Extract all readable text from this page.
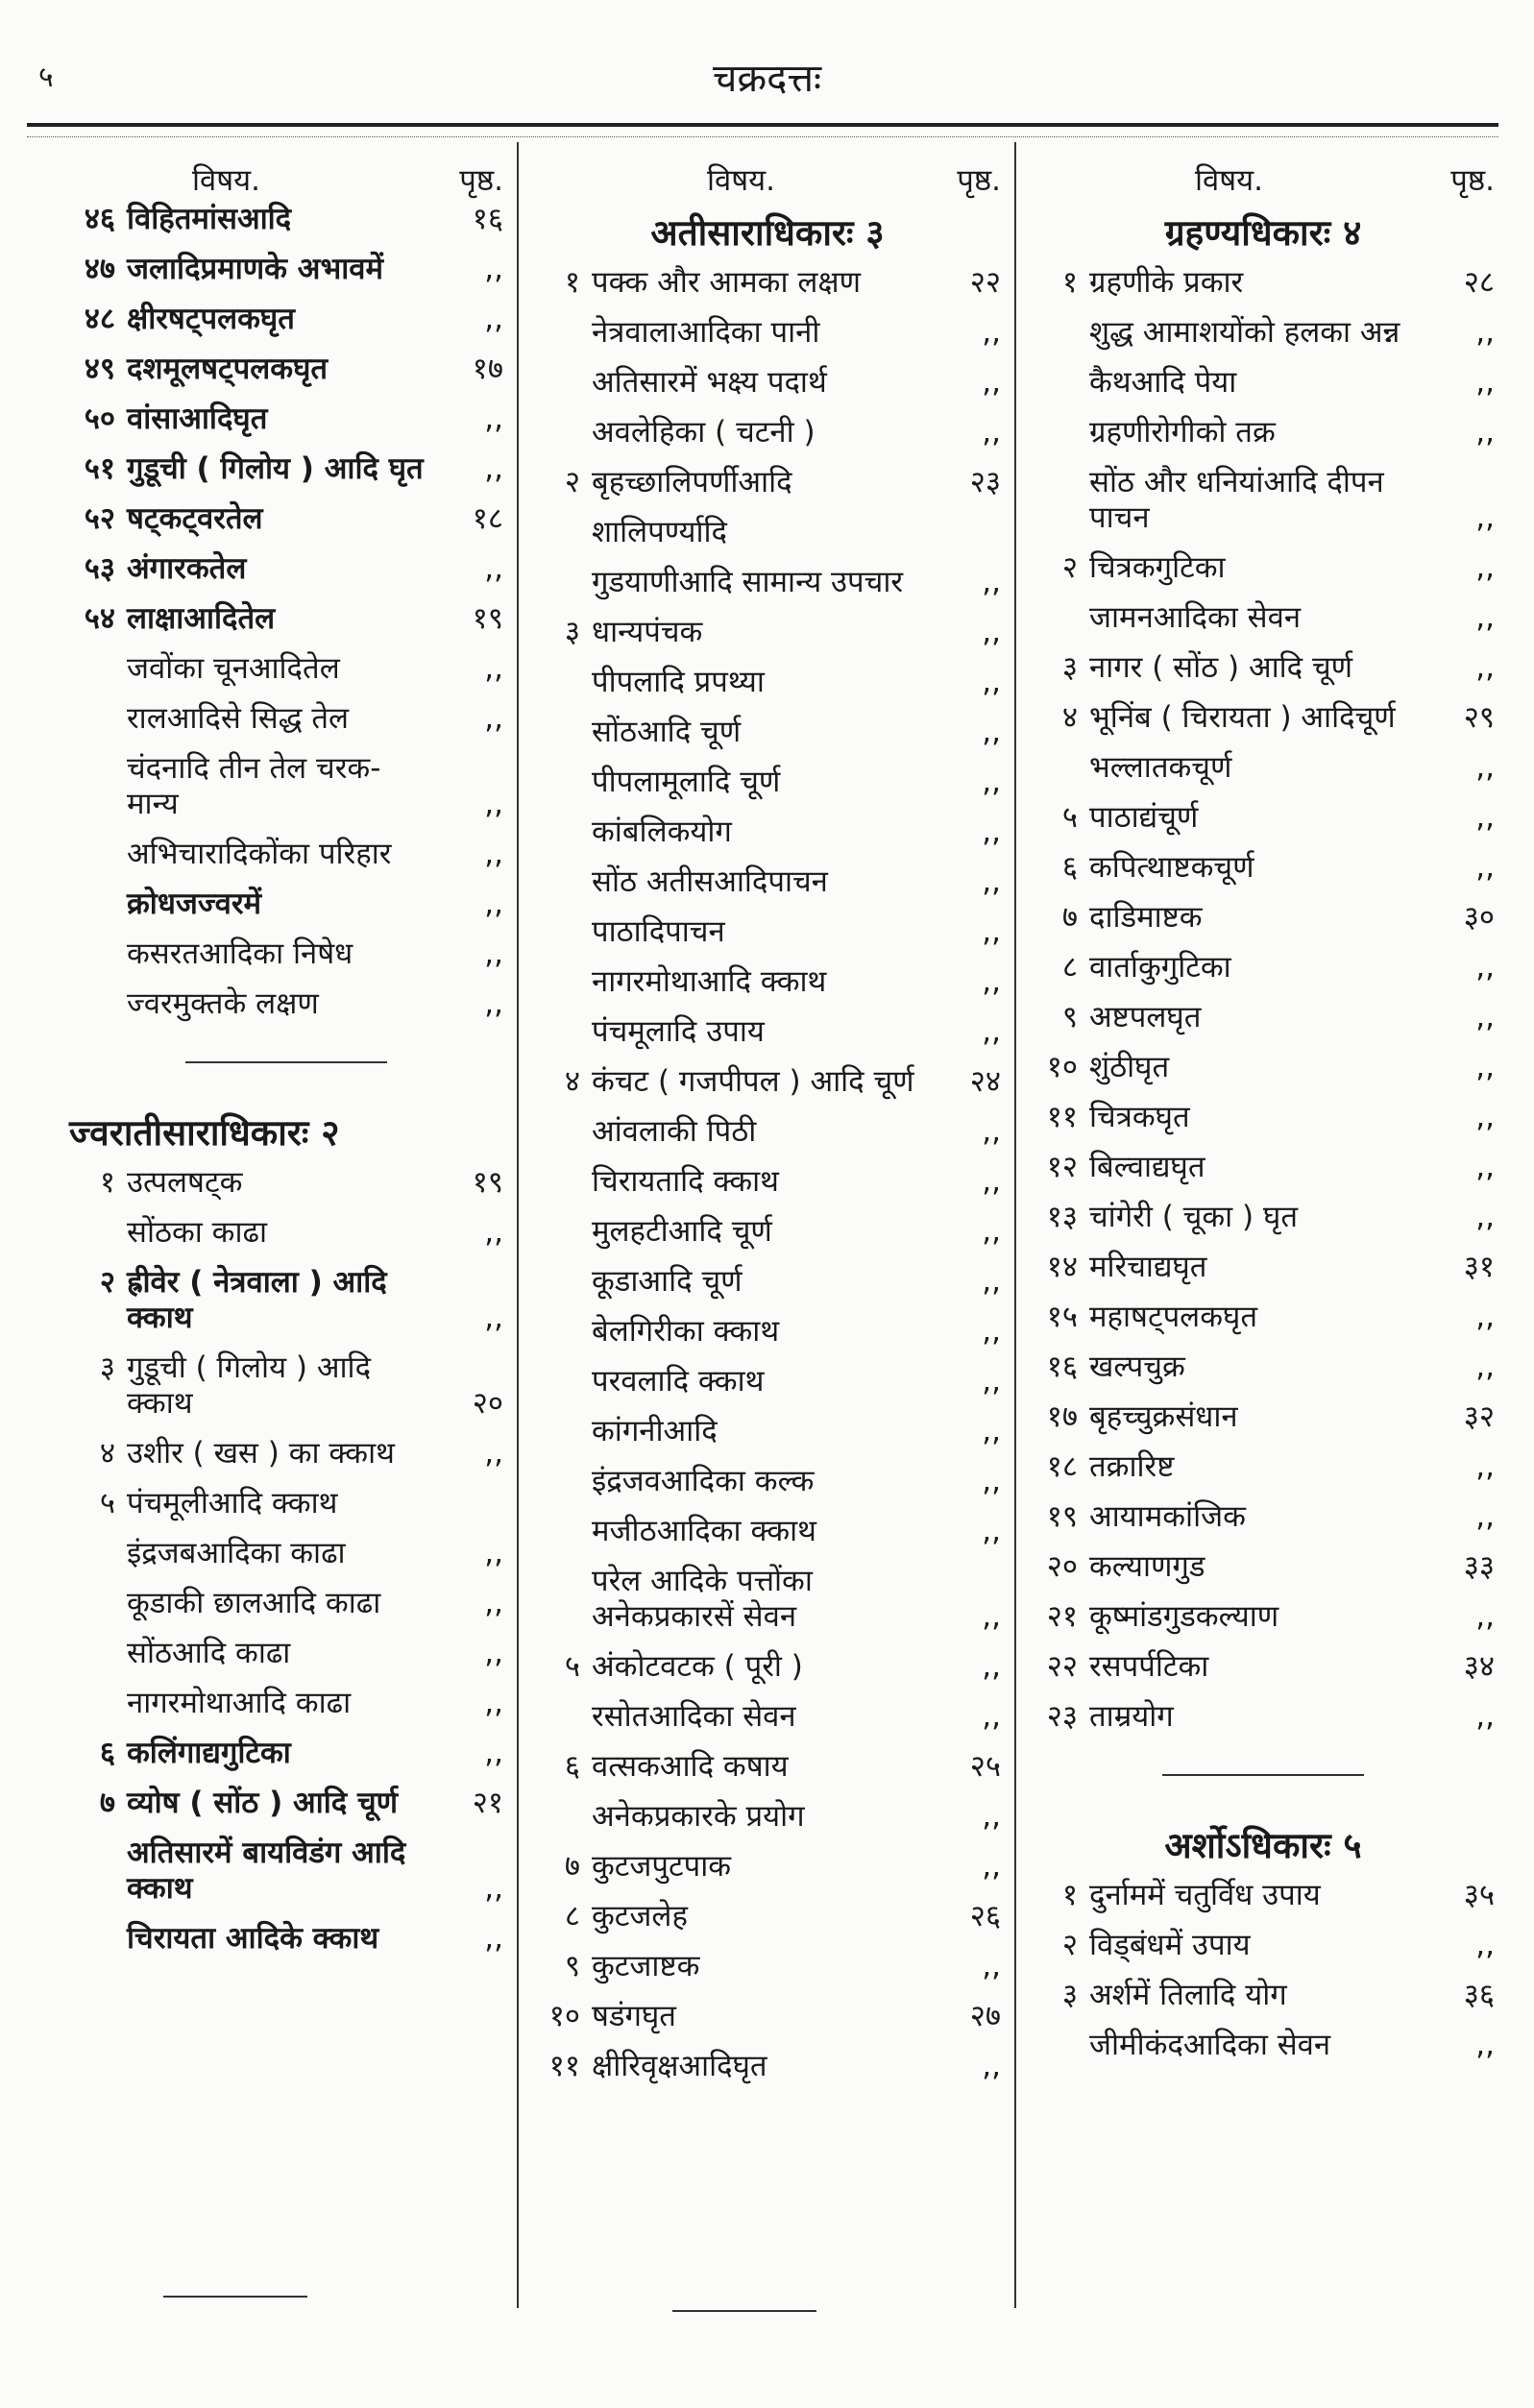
५	चक्रदत्तः
विषय.	पृष्ठ.
४६ विहितमांसआदि	१६
४७ जलादिप्रमाणके अभावमें	,,
४८ क्षीरषट्पलकघृत	,,
४९ दशमूलषट्पलकघृत	१७
५० वांसाआदिघृत	,,
५१ गुडूची ( गिलोय ) आदि घृत	,,
५२ षट्कट्वरतेल	१८
५३ अंगारकतेल	,,
५४ लाक्षाआदितेल	१९
जवोंका चूनआदितेल	,,
रालआदिसे सिद्ध तेल	,,
चंदनादि तीन तेल चरक-मान्य	,,
अभिचारादिकोंका परिहार	,,
क्रोधजज्वरमें	,,
कसरतआदिका निषेध	,,
ज्वरमुक्तके लक्षण	,,
ज्वरातीसाराधिकारः २
१ उत्पलषट्क	१९
सोंठका काढा	,,
२ ह्रीवेर ( नेत्रवाला ) आदि क्काथ	,,
३ गुडूची ( गिलोय ) आदि क्काथ	२०
४ उशीर ( खस ) का क्काथ	,,
५ पंचमूलीआदि क्काथ
इंद्रजबआदिका काढा	,,
कूडाकी छालआदि काढा	,,
सोंठआदि काढा	,,
नागरमोथाआदि काढा	,,
६ कलिंगाद्यगुटिका	,,
७ व्योष ( सोंठ ) आदि चूर्ण	२१
अतिसारमें बायविडंग आदि क्काथ	,,
चिरायता आदिके क्काथ	,,
विषय.	पृष्ठ.
अतीसाराधिकारः ३
१ पक्क और आमका लक्षण	२२
नेत्रवालाआदिका पानी	,,
अतिसारमें भक्ष्य पदार्थ	,,
अवलेहिका ( चटनी )	,,
२ बृहच्छालिपर्णीआदि	२३
शालिपर्ण्यादि
गुडयाणीआदि सामान्य उपचार	,,
३ धान्यपंचक	,,
पीपलादि प्रपथ्या	,,
सोंठआदि चूर्ण	,,
पीपलामूलादि चूर्ण	,,
कांबलिकयोग	,,
सोंठ अतीसआदिपाचन	,,
पाठादिपाचन	,,
नागरमोथाआदि क्काथ	,,
पंचमूलादि उपाय	,,
४ कंचट ( गजपीपल ) आदि चूर्ण	२४
आंवलाकी पिठी	,,
चिरायतादि क्काथ	,,
मुलहटीआदि चूर्ण	,,
कूडाआदि चूर्ण	,,
बेलगिरीका क्काथ	,,
परवलादि क्काथ	,,
कांगनीआदि	,,
इंद्रजवआदिका कल्क	,,
मजीठआदिका क्काथ	,,
परेल आदिके पत्तोंका अनेकप्रकारसें सेवन	,,
५ अंकोटवटक ( पूरी )	,,
रसोतआदिका सेवन	,,
६ वत्सकआदि कषाय	२५
अनेकप्रकारके प्रयोग	,,
७ कुटजपुटपाक	,,
८ कुटजलेह	२६
९ कुटजाष्टक	,,
१० षडंगघृत	२७
११ क्षीरिवृक्षआदिघृत	,,
विषय.	पृष्ठ.
ग्रहण्यधिकारः ४
१ ग्रहणीके प्रकार	२८
शुद्ध आमाशयोंको हलका अन्न	,,
कैथआदि पेया	,,
ग्रहणीरोगीको तक्र	,,
सोंठ और धनियांआदि दीपन पाचन	,,
२ चित्रकगुटिका	,,
जामनआदिका सेवन	,,
३ नागर ( सोंठ ) आदि चूर्ण	,,
४ भूनिंब ( चिरायता ) आदिचूर्ण	२९
भल्लातकचूर्ण	,,
५ पाठाद्यंचूर्ण	,,
६ कपित्थाष्टकचूर्ण	,,
७ दाडिमाष्टक	३०
८ वार्ताकुगुटिका	,,
९ अष्टपलघृत	,,
१० शुंठीघृत	,,
११ चित्रकघृत	,,
१२ बिल्वाद्यघृत	,,
१३ चांगेरी ( चूका ) घृत	,,
१४ मरिचाद्यघृत	३१
१५ महाषट्पलकघृत	,,
१६ खल्पचुक्र	,,
१७ बृहच्चुक्रसंधान	३२
१८ तक्रारिष्ट	,,
१९ आयामकांजिक	,,
२० कल्याणगुड	३३
२१ कूष्मांडगुडकल्याण	,,
२२ रसपर्पटिका	३४
२३ ताम्रयोग	,,
अर्शोऽधिकारः ५
१ दुर्नाममें चतुर्विध उपाय	३५
२ विड्बंधमें उपाय	,,
३ अर्शमें तिलादि योग	३६
जीमीकंदआदिका सेवन	,,
